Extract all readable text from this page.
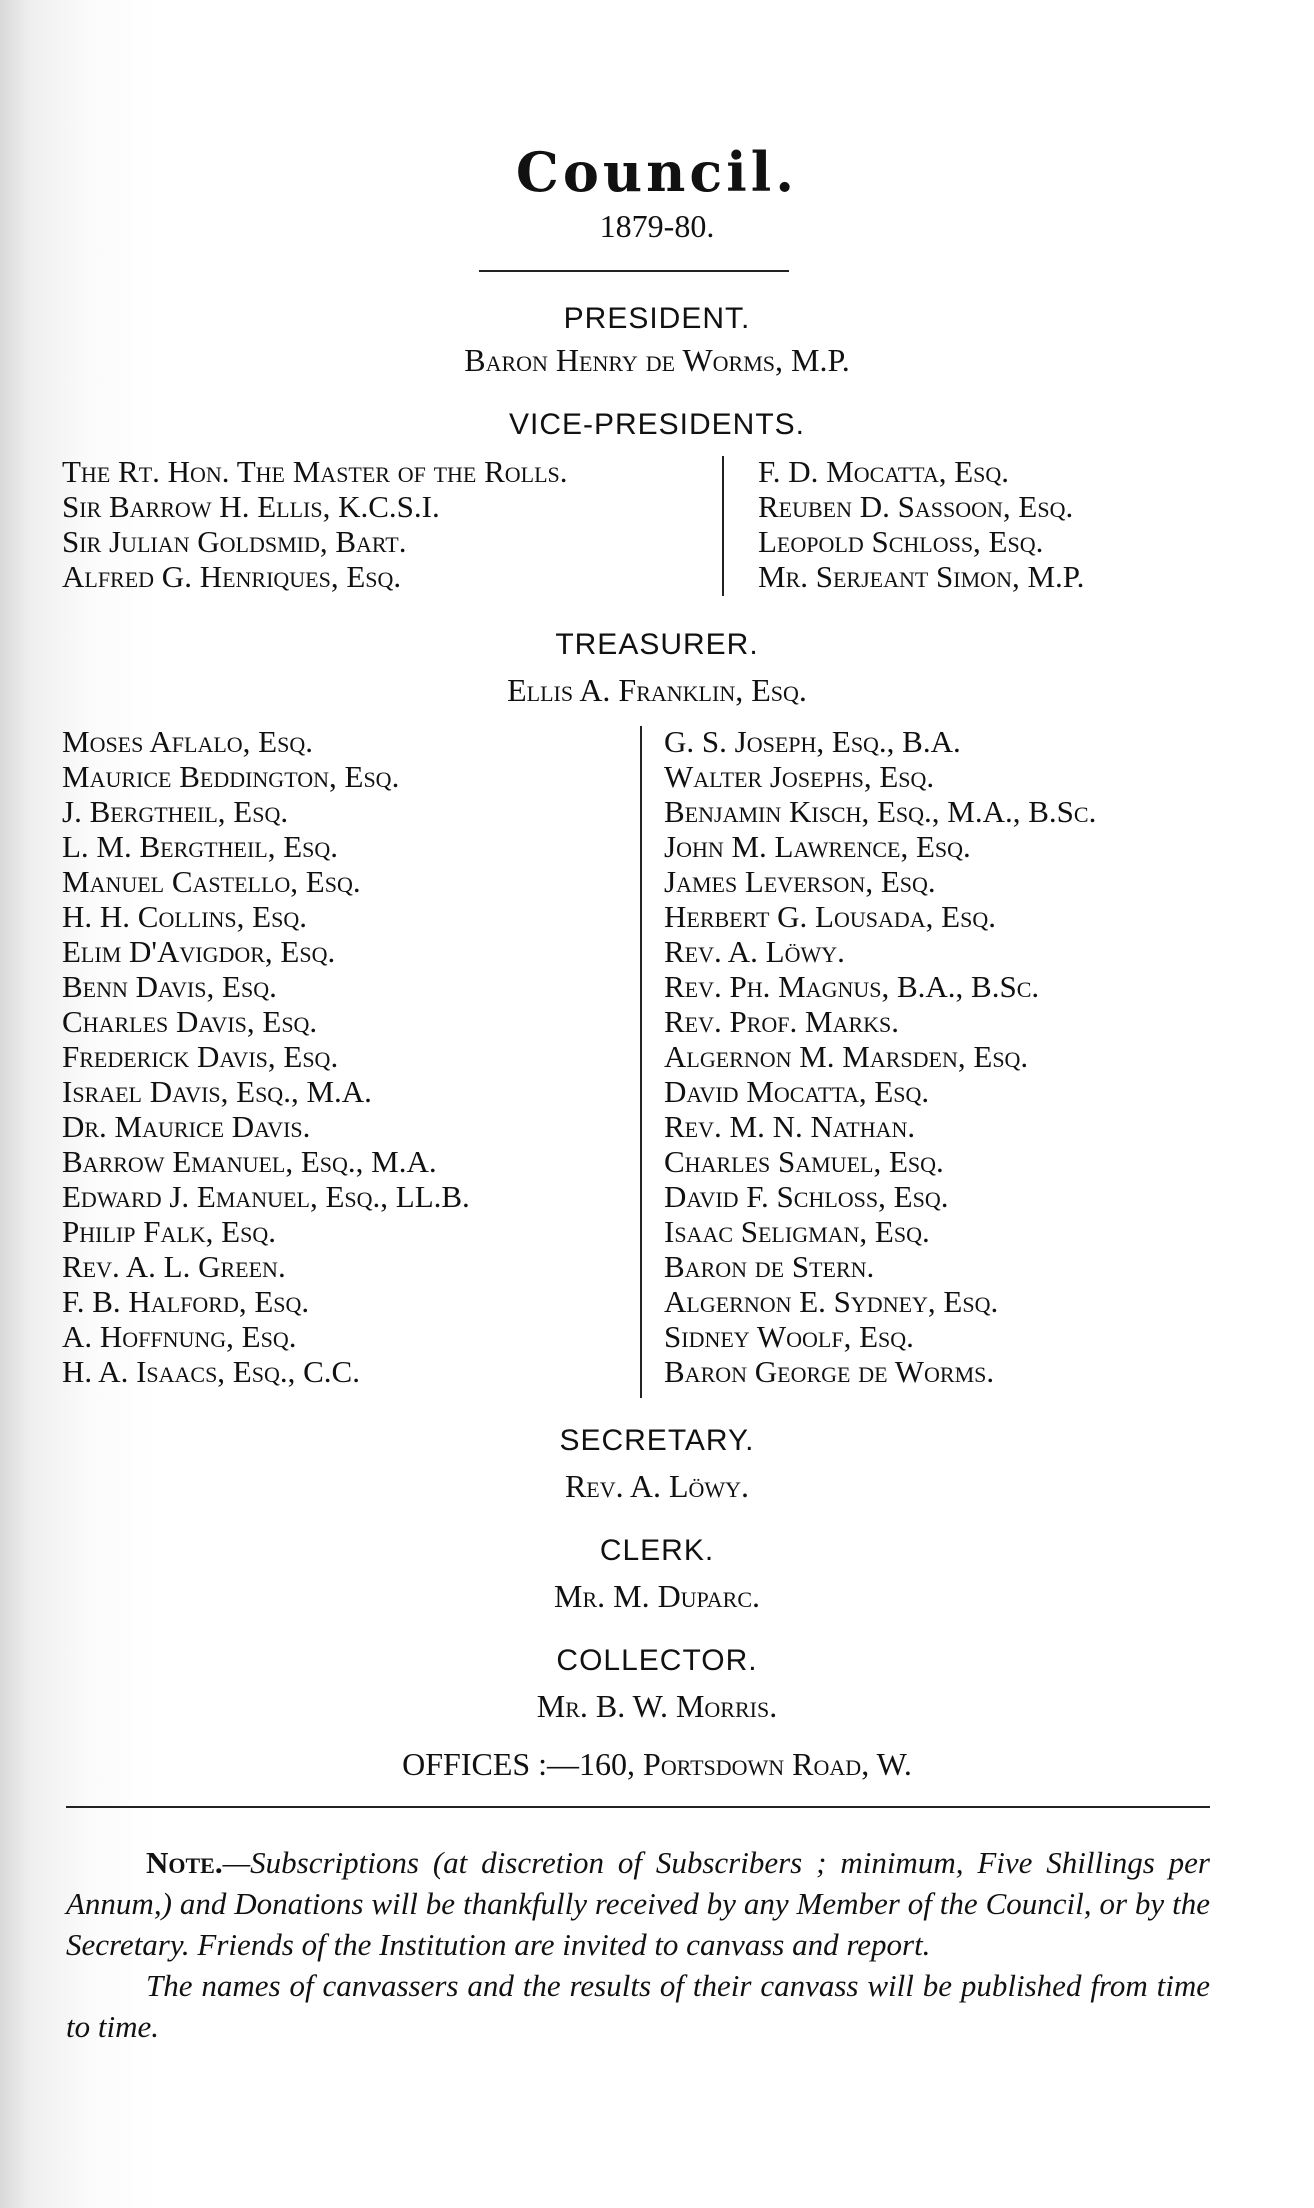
Council.
1879-80.
PRESIDENT.
Baron Henry de Worms, M.P.
VICE-PRESIDENTS.
The Rt. Hon. The Master of the Rolls.
Sir Barrow H. Ellis, K.C.S.I.
Sir Julian Goldsmid, Bart.
Alfred G. Henriques, Esq.
F. D. Mocatta, Esq.
Reuben D. Sassoon, Esq.
Leopold Schloss, Esq.
Mr. Serjeant Simon, M.P.
TREASURER.
Ellis A. Franklin, Esq.
Moses Aflalo, Esq.
Maurice Beddington, Esq.
J. Bergtheil, Esq.
L. M. Bergtheil, Esq.
Manuel Castello, Esq.
H. H. Collins, Esq.
Elim D'Avigdor, Esq.
Benn Davis, Esq.
Charles Davis, Esq.
Frederick Davis, Esq.
Israel Davis, Esq., M.A.
Dr. Maurice Davis.
Barrow Emanuel, Esq., M.A.
Edward J. Emanuel, Esq., LL.B.
Philip Falk, Esq.
Rev. A. L. Green.
F. B. Halford, Esq.
A. Hoffnung, Esq.
H. A. Isaacs, Esq., C.C.
G. S. Joseph, Esq., B.A.
Walter Josephs, Esq.
Benjamin Kisch, Esq., M.A., B.Sc.
John M. Lawrence, Esq.
James Leverson, Esq.
Herbert G. Lousada, Esq.
Rev. A. Löwy.
Rev. Ph. Magnus, B.A., B.Sc.
Rev. Prof. Marks.
Algernon M. Marsden, Esq.
David Mocatta, Esq.
Rev. M. N. Nathan.
Charles Samuel, Esq.
David F. Schloss, Esq.
Isaac Seligman, Esq.
Baron de Stern.
Algernon E. Sydney, Esq.
Sidney Woolf, Esq.
Baron George de Worms.
SECRETARY.
Rev. A. Löwy.
CLERK.
Mr. M. Duparc.
COLLECTOR.
Mr. B. W. Morris.
OFFICES :—160, Portsdown Road, W.

Note.—Subscriptions (at discretion of Subscribers ; minimum, Five Shillings per Annum,) and Donations will be thankfully received by any Member of the Council, or by the Secretary. Friends of the Institution are invited to canvass and report.

The names of canvassers and the results of their canvass will be published from time to time.
